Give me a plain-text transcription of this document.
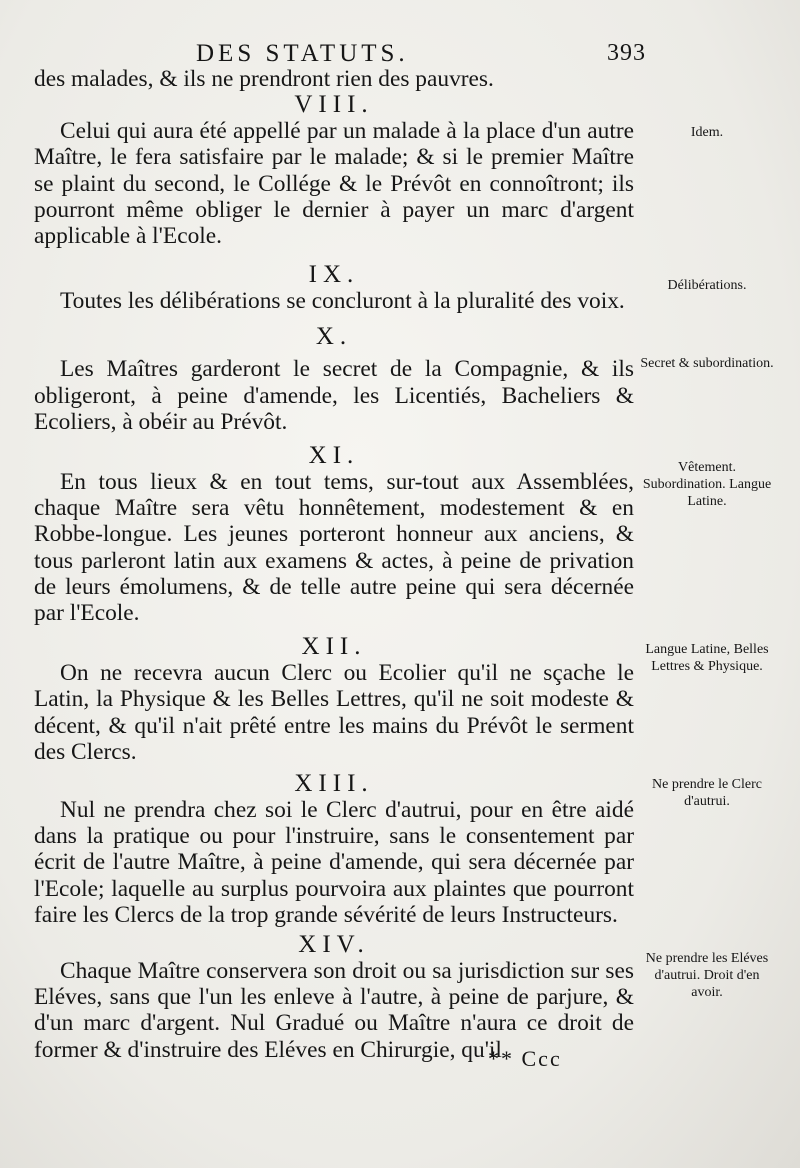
DES STATUTS.	393

des malades, & ils ne prendront rien des pauvres.

VIII.

Celui qui aura été appellé par un malade à la place d'un autre Maître, le fera satisfaire par le malade; & si le premier Maître se plaint du second, le Collége & le Prévôt en connoîtront; ils pourront même obliger le dernier à payer un marc d'argent applicable à l'Ecole.

IX.

Toutes les délibérations se concluront à la pluralité des voix.

X.

Les Maîtres garderont le secret de la Compagnie, & ils obligeront, à peine d'amende, les Licentiés, Bacheliers & Ecoliers, à obéir au Prévôt.

XI.

En tous lieux & en tout tems, sur-tout aux Assemblées, chaque Maître sera vêtu honnêtement, modestement & en Robbe-longue. Les jeunes porteront honneur aux anciens, & tous parleront latin aux examens & actes, à peine de privation de leurs émolumens, & de telle autre peine qui sera décernée par l'Ecole.

XII.

On ne recevra aucun Clerc ou Ecolier qu'il ne sçache le Latin, la Physique & les Belles Lettres, qu'il ne soit modeste & décent, & qu'il n'ait prêté entre les mains du Prévôt le serment des Clercs.

XIII.

Nul ne prendra chez soi le Clerc d'autrui, pour en être aidé dans la pratique ou pour l'instruire, sans le consentement par écrit de l'autre Maître, à peine d'amende, qui sera décernée par l'Ecole; laquelle au surplus pourvoira aux plaintes que pourront faire les Clercs de la trop grande sévérité de leurs Instructeurs.

XIV.

Chaque Maître conservera son droit ou sa jurisdiction sur ses Eléves, sans que l'un les enleve à l'autre, à peine de parjure, & d'un marc d'argent. Nul Gradué ou Maître n'aura ce droit de former & d'instruire des Eléves en Chirurgie, qu'il

Idem.
Délibérations.
Secret & subordination.
Vêtement. Subordination. Langue Latine.
Langue Latine, Belles Lettres & Physique.
Ne prendre le Clerc d'autrui.
Ne prendre les Eléves d'autrui. Droit d'en avoir.
** Ccc
